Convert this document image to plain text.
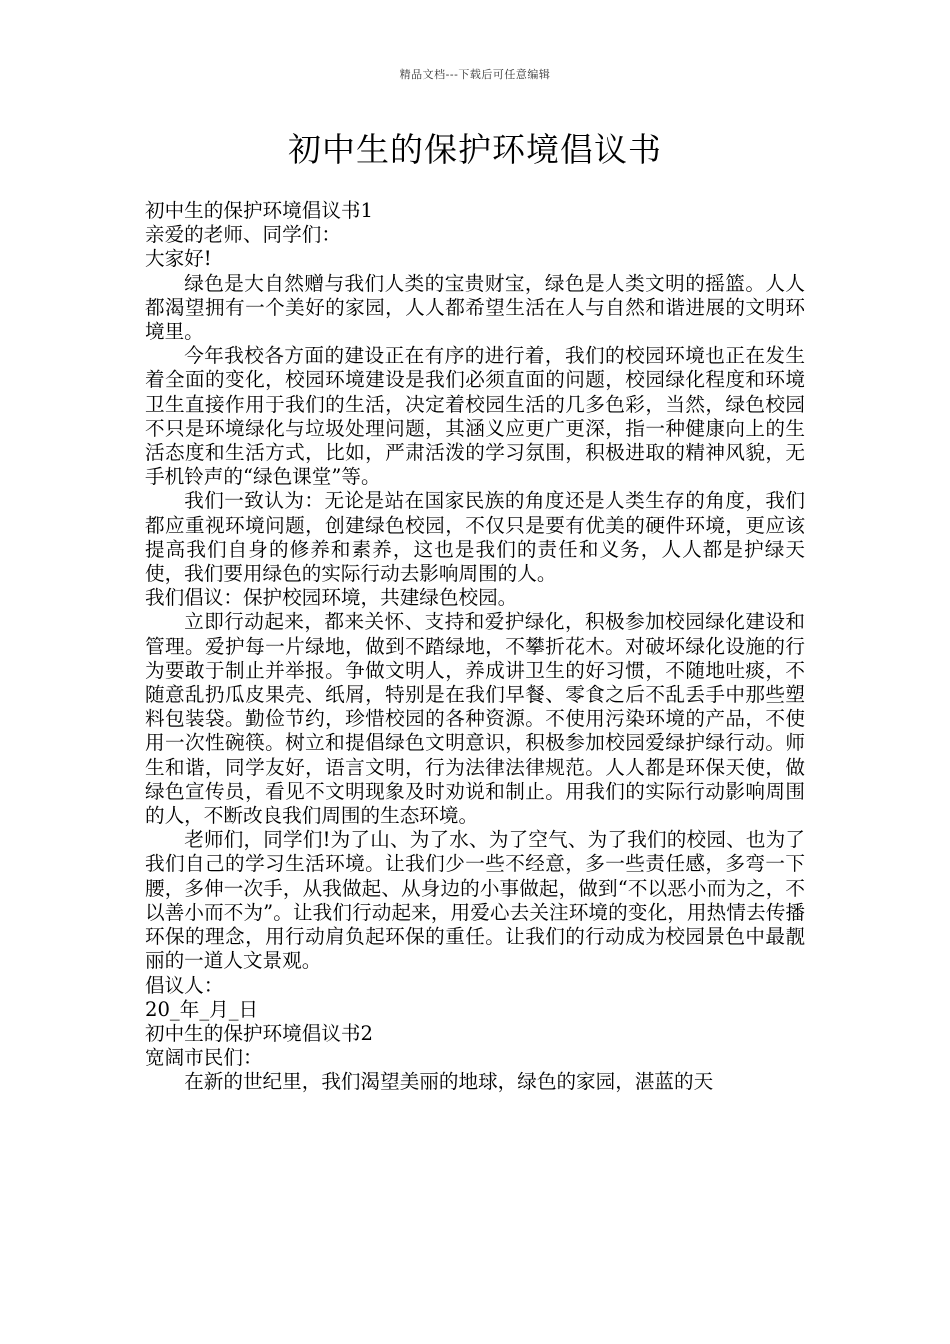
精品文档---下载后可任意编辑
初中生的保护环境倡议书

初中生的保护环境倡议书1

亲爱的老师、同学们：

大家好!

绿色是大自然赠与我们人类的宝贵财宝，绿色是人类文明的摇篮。人人都渴望拥有一个美好的家园，人人都希望生活在人与自然和谐进展的文明环境里。

今年我校各方面的建设正在有序的进行着，我们的校园环境也正在发生着全面的变化，校园环境建设是我们必须直面的问题，校园绿化程度和环境卫生直接作用于我们的生活，决定着校园生活的几多色彩，当然，绿色校园不只是环境绿化与垃圾处理问题，其涵义应更广更深，指一种健康向上的生活态度和生活方式，比如，严肃活泼的学习氛围，积极进取的精神风貌，无手机铃声的“绿色课堂”等。

我们一致认为：无论是站在国家民族的角度还是人类生存的角度，我们都应重视环境问题，创建绿色校园，不仅只是要有优美的硬件环境，更应该提高我们自身的修养和素养，这也是我们的责任和义务，人人都是护绿天使，我们要用绿色的实际行动去影响周围的人。

我们倡议：保护校园环境，共建绿色校园。

立即行动起来，都来关怀、支持和爱护绿化，积极参加校园绿化建设和管理。爱护每一片绿地，做到不踏绿地，不攀折花木。对破坏绿化设施的行为要敢于制止并举报。争做文明人，养成讲卫生的好习惯，不随地吐痰，不随意乱扔瓜皮果壳、纸屑，特别是在我们早餐、零食之后不乱丢手中那些塑料包装袋。勤俭节约，珍惜校园的各种资源。不使用污染环境的产品，不使用一次性碗筷。树立和提倡绿色文明意识，积极参加校园爱绿护绿行动。师生和谐，同学友好，语言文明，行为法律法律规范。人人都是环保天使，做绿色宣传员，看见不文明现象及时劝说和制止。用我们的实际行动影响周围的人，不断改良我们周围的生态环境。

老师们，同学们!为了山、为了水、为了空气、为了我们的校园、也为了我们自己的学习生活环境。让我们少一些不经意，多一些责任感，多弯一下腰，多伸一次手，从我做起、从身边的小事做起，做到“不以恶小而为之，不以善小而不为”。让我们行动起来，用爱心去关注环境的变化，用热情去传播环保的理念，用行动肩负起环保的重任。让我们的行动成为校园景色中最靓丽的一道人文景观。

倡议人：

20_年_月_日

初中生的保护环境倡议书2

宽阔市民们：

在新的世纪里，我们渴望美丽的地球，绿色的家园，湛蓝的天
